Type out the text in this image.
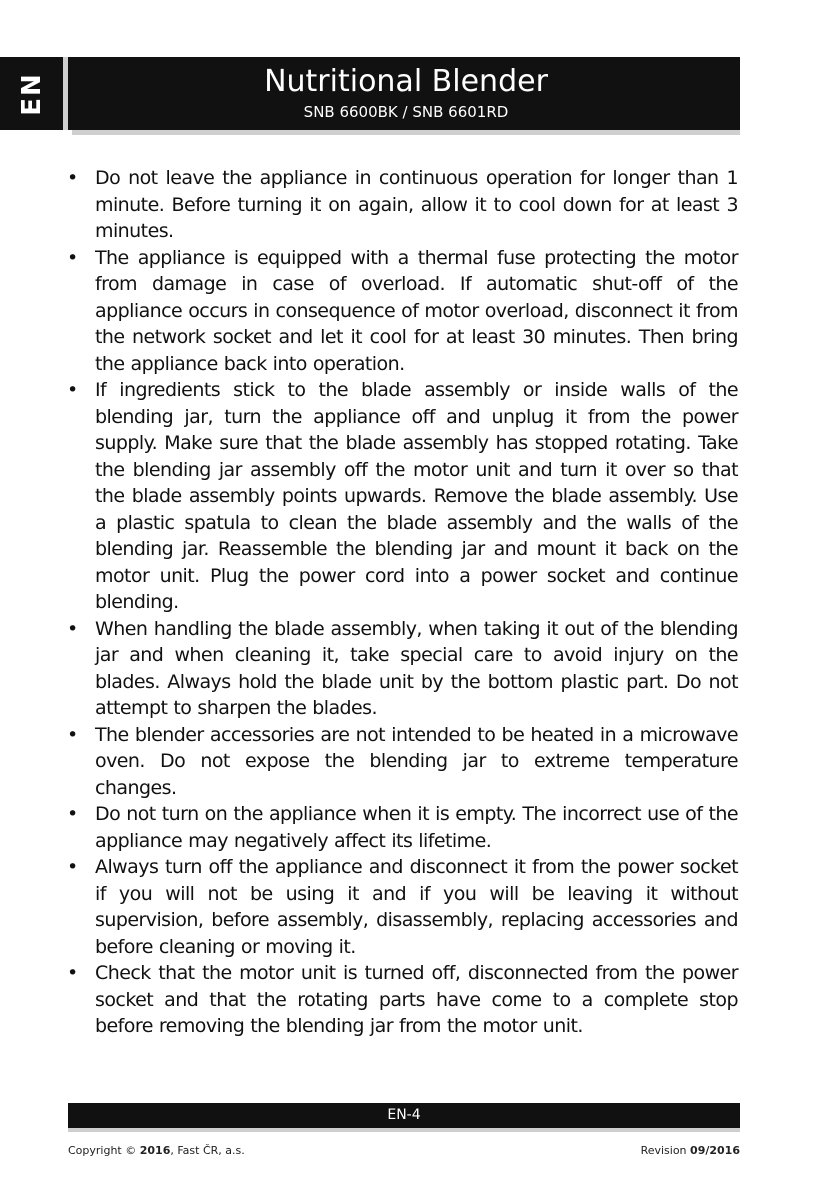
EN	Nutritional Blender
SNB 6600BK / SNB 6601RD
• Do not leave the appliance in continuous operation for longer than 1 minute. Before turning it on again, allow it to cool down for at least 3 minutes.
• The appliance is equipped with a thermal fuse protecting the motor from damage in case of overload. If automatic shut-off of the appliance occurs in consequence of motor overload, disconnect it from the network socket and let it cool for at least 30 minutes. Then bring the appliance back into operation.
• If ingredients stick to the blade assembly or inside walls of the blending jar, turn the appliance off and unplug it from the power supply. Make sure that the blade assembly has stopped rotating. Take the blending jar assembly off the motor unit and turn it over so that the blade assembly points upwards. Remove the blade assembly. Use a plastic spatula to clean the blade assembly and the walls of the blending jar. Reassemble the blending jar and mount it back on the motor unit. Plug the power cord into a power socket and continue blending.
• When handling the blade assembly, when taking it out of the blending jar and when cleaning it, take special care to avoid injury on the blades. Always hold the blade unit by the bottom plastic part. Do not attempt to sharpen the blades.
• The blender accessories are not intended to be heated in a microwave oven. Do not expose the blending jar to extreme temperature changes.
• Do not turn on the appliance when it is empty. The incorrect use of the appliance may negatively affect its lifetime.
• Always turn off the appliance and disconnect it from the power socket if you will not be using it and if you will be leaving it without supervision, before assembly, disassembly, replacing accessories and before cleaning or moving it.
• Check that the motor unit is turned off, disconnected from the power socket and that the rotating parts have come to a complete stop before removing the blending jar from the motor unit.
EN-4
Copyright © 2016, Fast ČR, a.s.	Revision 09/2016
